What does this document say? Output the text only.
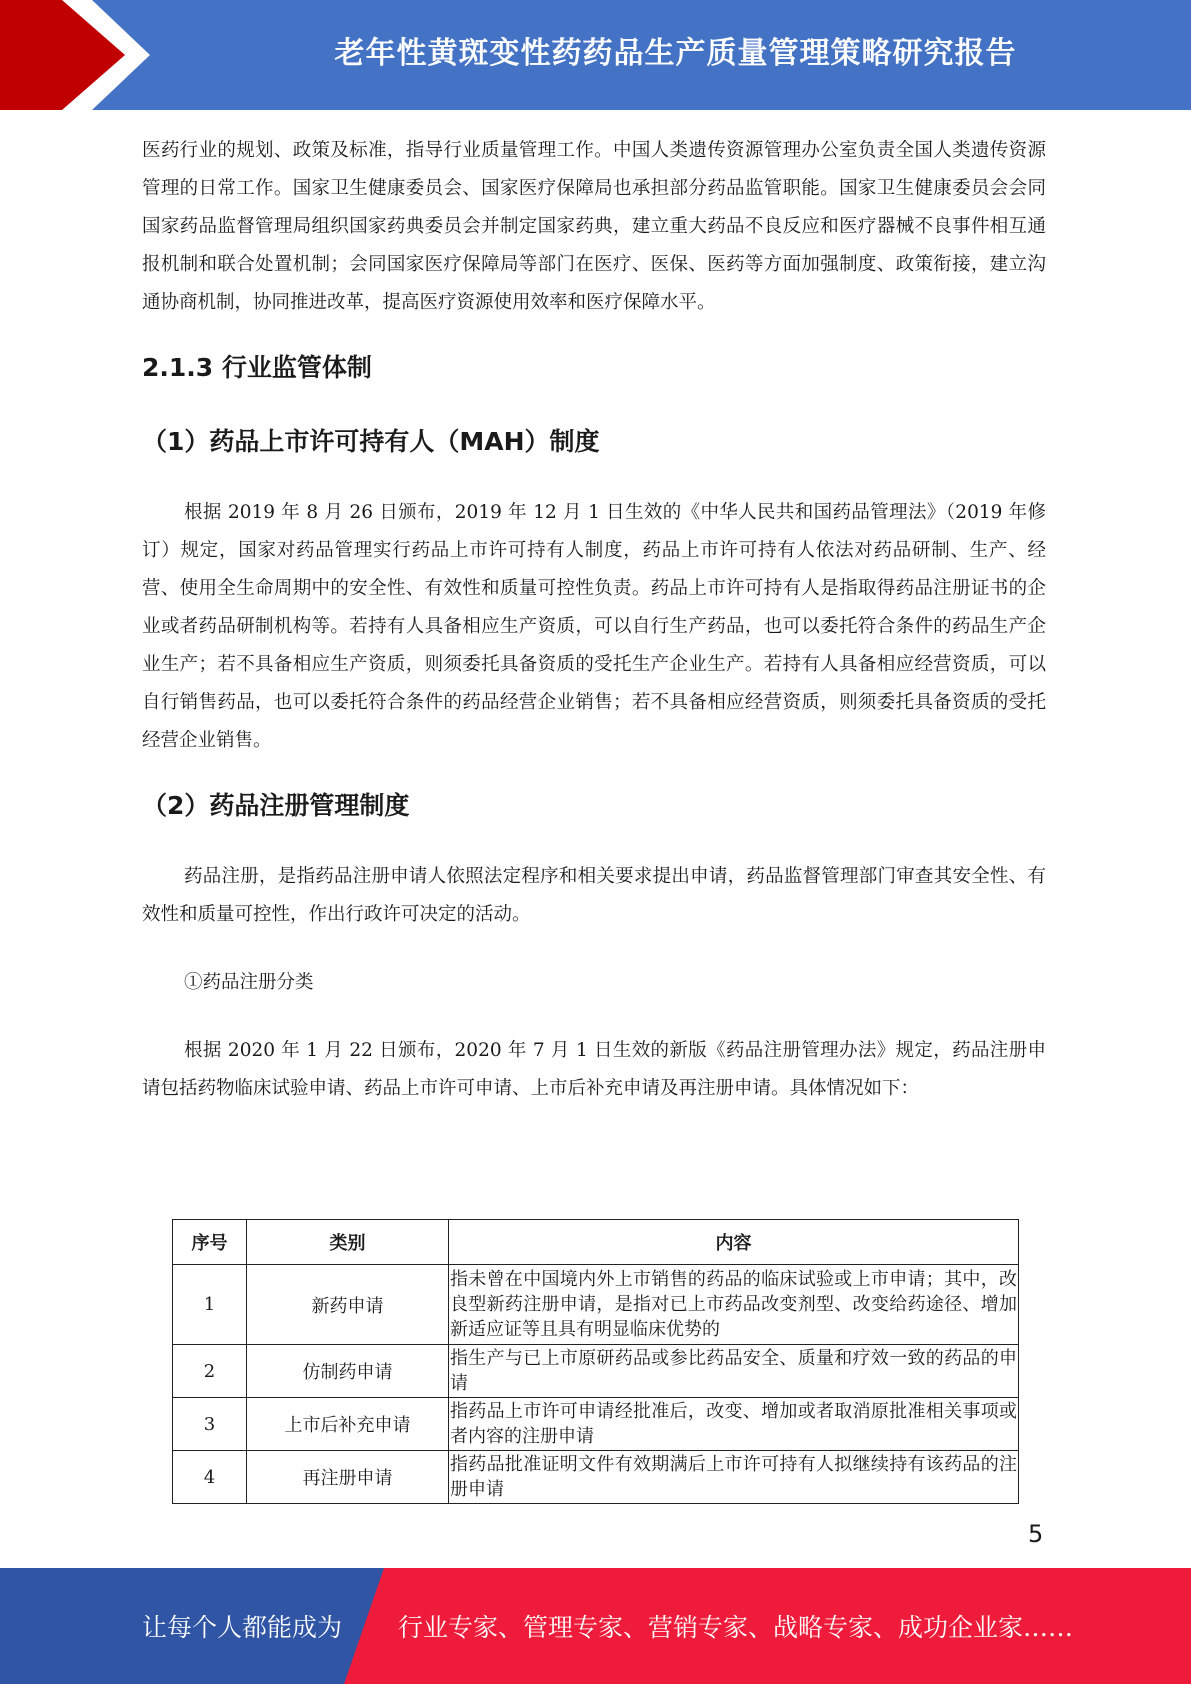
老年性黄斑变性药药品生产质量管理策略研究报告

医药行业的规划、政策及标准，指导行业质量管理工作。中国人类遗传资源管理办公室负责全国人类遗传资源管理的日常工作。国家卫生健康委员会、国家医疗保障局也承担部分药品监管职能。国家卫生健康委员会会同国家药品监督管理局组织国家药典委员会并制定国家药典，建立重大药品不良反应和医疗器械不良事件相互通报机制和联合处置机制；会同国家医疗保障局等部门在医疗、医保、医药等方面加强制度、政策衔接，建立沟通协商机制，协同推进改革，提高医疗资源使用效率和医疗保障水平。

2.1.3 行业监管体制
（1）药品上市许可持有人（MAH）制度

根据 2019 年 8 月 26 日颁布，2019 年 12 月 1 日生效的《中华人民共和国药品管理法》（2019 年修订）规定，国家对药品管理实行药品上市许可持有人制度，药品上市许可持有人依法对药品研制、生产、经营、使用全生命周期中的安全性、有效性和质量可控性负责。药品上市许可持有人是指取得药品注册证书的企业或者药品研制机构等。若持有人具备相应生产资质，可以自行生产药品，也可以委托符合条件的药品生产企业生产；若不具备相应生产资质，则须委托具备资质的受托生产企业生产。若持有人具备相应经营资质，可以自行销售药品，也可以委托符合条件的药品经营企业销售；若不具备相应经营资质，则须委托具备资质的受托经营企业销售。

（2）药品注册管理制度

药品注册，是指药品注册申请人依照法定程序和相关要求提出申请，药品监督管理部门审查其安全性、有效性和质量可控性，作出行政许可决定的活动。

①药品注册分类

根据 2020 年 1 月 22 日颁布，2020 年 7 月 1 日生效的新版《药品注册管理办法》规定，药品注册申请包括药物临床试验申请、药品上市许可申请、上市后补充申请及再注册申请。具体情况如下：

序号	类别	内容
1	新药申请	指未曾在中国境内外上市销售的药品的临床试验或上市申请；其中，改良型新药注册申请，是指对已上市药品改变剂型、改变给药途径、增加新适应证等且具有明显临床优势的
2	仿制药申请	指生产与已上市原研药品或参比药品安全、质量和疗效一致的药品的申请
3	上市后补充申请	指药品上市许可申请经批准后，改变、增加或者取消原批准相关事项或者内容的注册申请
4	再注册申请	指药品批准证明文件有效期满后上市许可持有人拟继续持有该药品的注册申请
5
让每个人都能成为 行业专家、管理专家、营销专家、战略专家、成功企业家……
